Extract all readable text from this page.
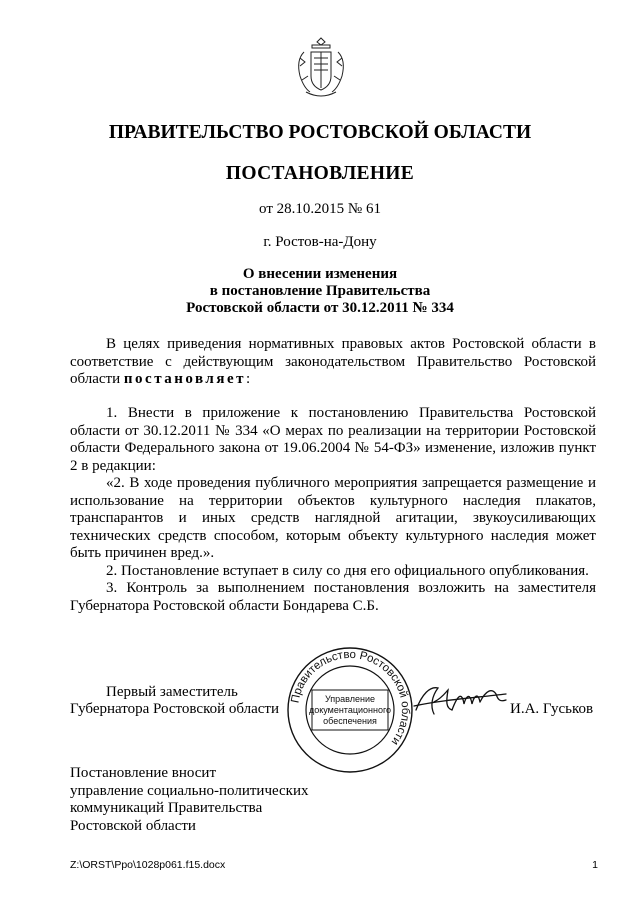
ПРАВИТЕЛЬСТВО РОСТОВСКОЙ ОБЛАСТИ
ПОСТАНОВЛЕНИЕ
от 28.10.2015 № 61
г. Ростов-на-Дону
О внесении изменения
в постановление Правительства
Ростовской области от 30.12.2011 № 334

В целях приведения нормативных правовых актов Ростовской области в соответствие с действующим законодательством Правительство Ростовской области постановляет:

1. Внести в приложение к постановлению Правительства Ростовской области от 30.12.2011 № 334 «О мерах по реализации на территории Ростовской области Федерального закона от 19.06.2004 № 54-ФЗ» изменение, изложив пункт 2 в редакции:

«2. В ходе проведения публичного мероприятия запрещается размещение и использование на территории объектов культурного наследия плакатов, транспарантов и иных средств наглядной агитации, звукоусиливающих технических средств способом, которым объекту культурного наследия может быть причинен вред.».

2. Постановление вступает в силу со дня его официального опубликования.

3. Контроль за выполнением постановления возложить на заместителя Губернатора Ростовской области Бондарева С.Б.

Первый заместитель
Губернатора Ростовской области	И.А. Гуськов
Правительство Ростовской области
Управление
документационного
обеспечения
Постановление вносит
управление социально-политических
коммуникаций Правительства
Ростовской области
Z:\ORST\Ppo\1028p061.f15.docx	1
